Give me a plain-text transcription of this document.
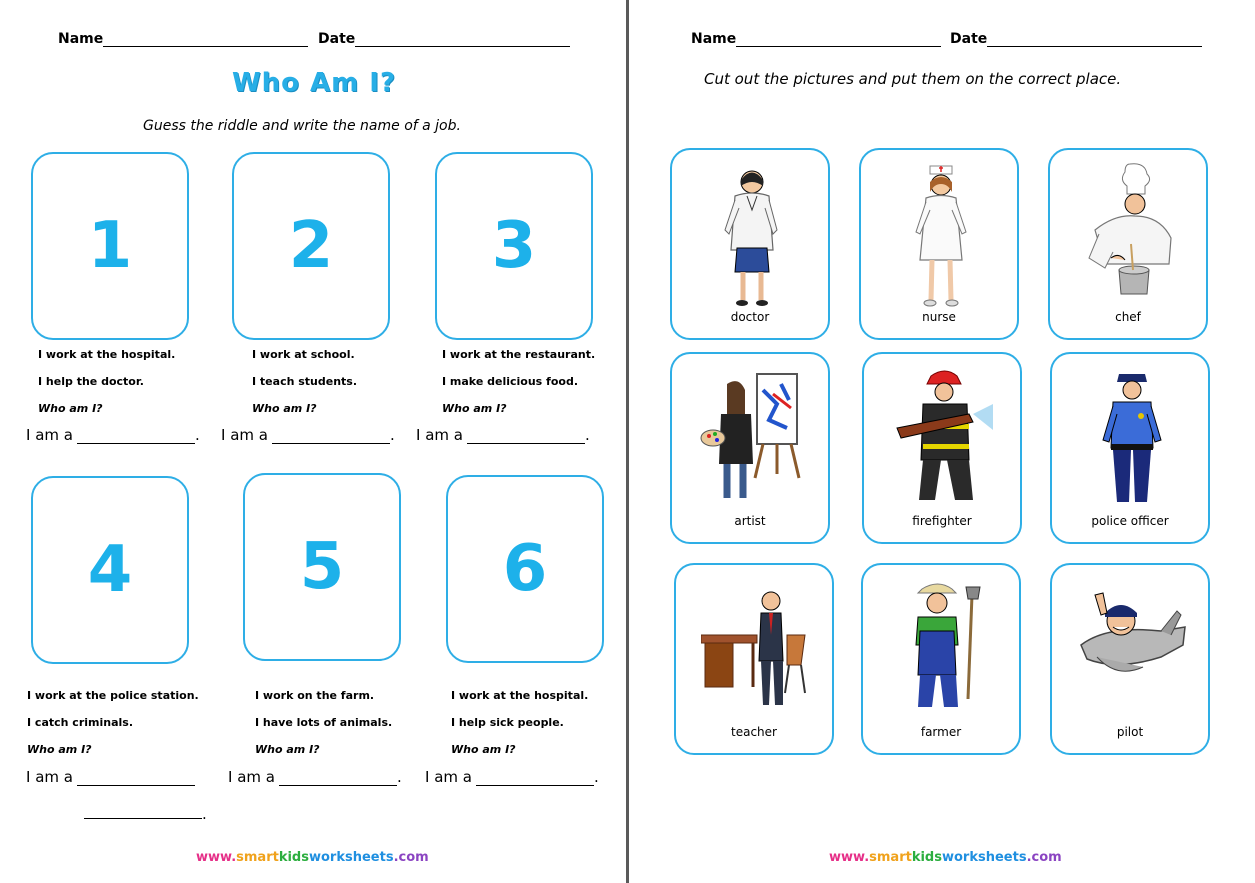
Name	Date
Who Am I?
Guess the riddle and write the name of a job.
1	2	3
I work at the hospital.
I help the doctor.
Who am I?
I work at school.
I teach students.
Who am I?
I work at the restaurant.
I make delicious food.
Who am I?
I am a	. I am a	. I am a	.
4	5	6
I work at the police station.
I catch criminals.
Who am I?
I work on the farm.
I have lots of animals.
Who am I?
I work at the hospital.
I help sick people.
Who am I?
I am a	I am a	. I am a	.
.
www.smartkidsworksheets.com
Name	Date
Cut out the pictures and put them on the correct place.
doctor	nurse	chef
artist	firefighter	police officer
teacher	farmer	pilot
www.smartkidsworksheets.com
